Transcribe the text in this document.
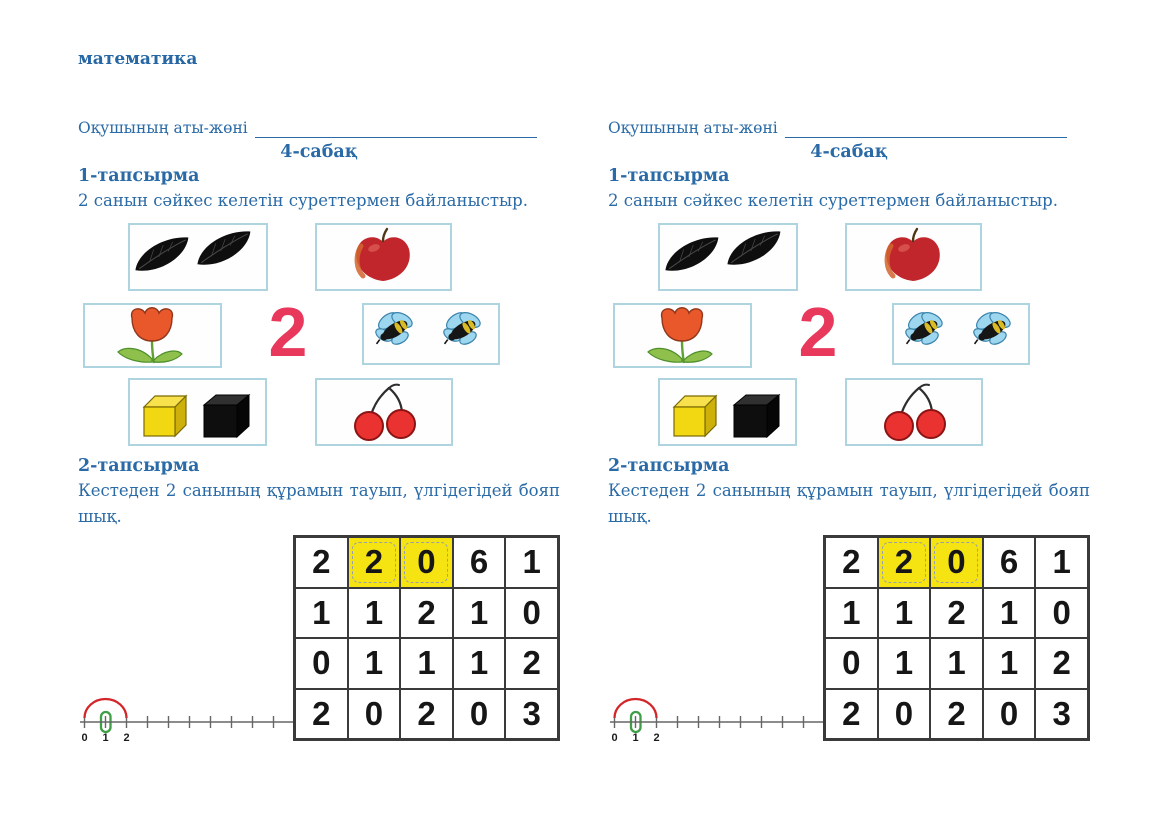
математика
Оқушының аты-жөні
4-сабақ
1-тапсырма
2 санын сәйкес келетін суреттермен байланыстыр.
2
2-тапсырма
Кестеден 2 санының құрамын тауып, үлгідегідей бояп
шық.
0 1 2
2	2	0	6	1
1	1	2	1	0
0	1	1	1	2
2	0	2	0	3
Оқушының аты-жөні
4-сабақ
1-тапсырма
2 санын сәйкес келетін суреттермен байланыстыр.
2
2-тапсырма
Кестеден 2 санының құрамын тауып, үлгідегідей бояп
шық.
0 1 2
2	2	0	6	1
1	1	2	1	0
0	1	1	1	2
2	0	2	0	3
